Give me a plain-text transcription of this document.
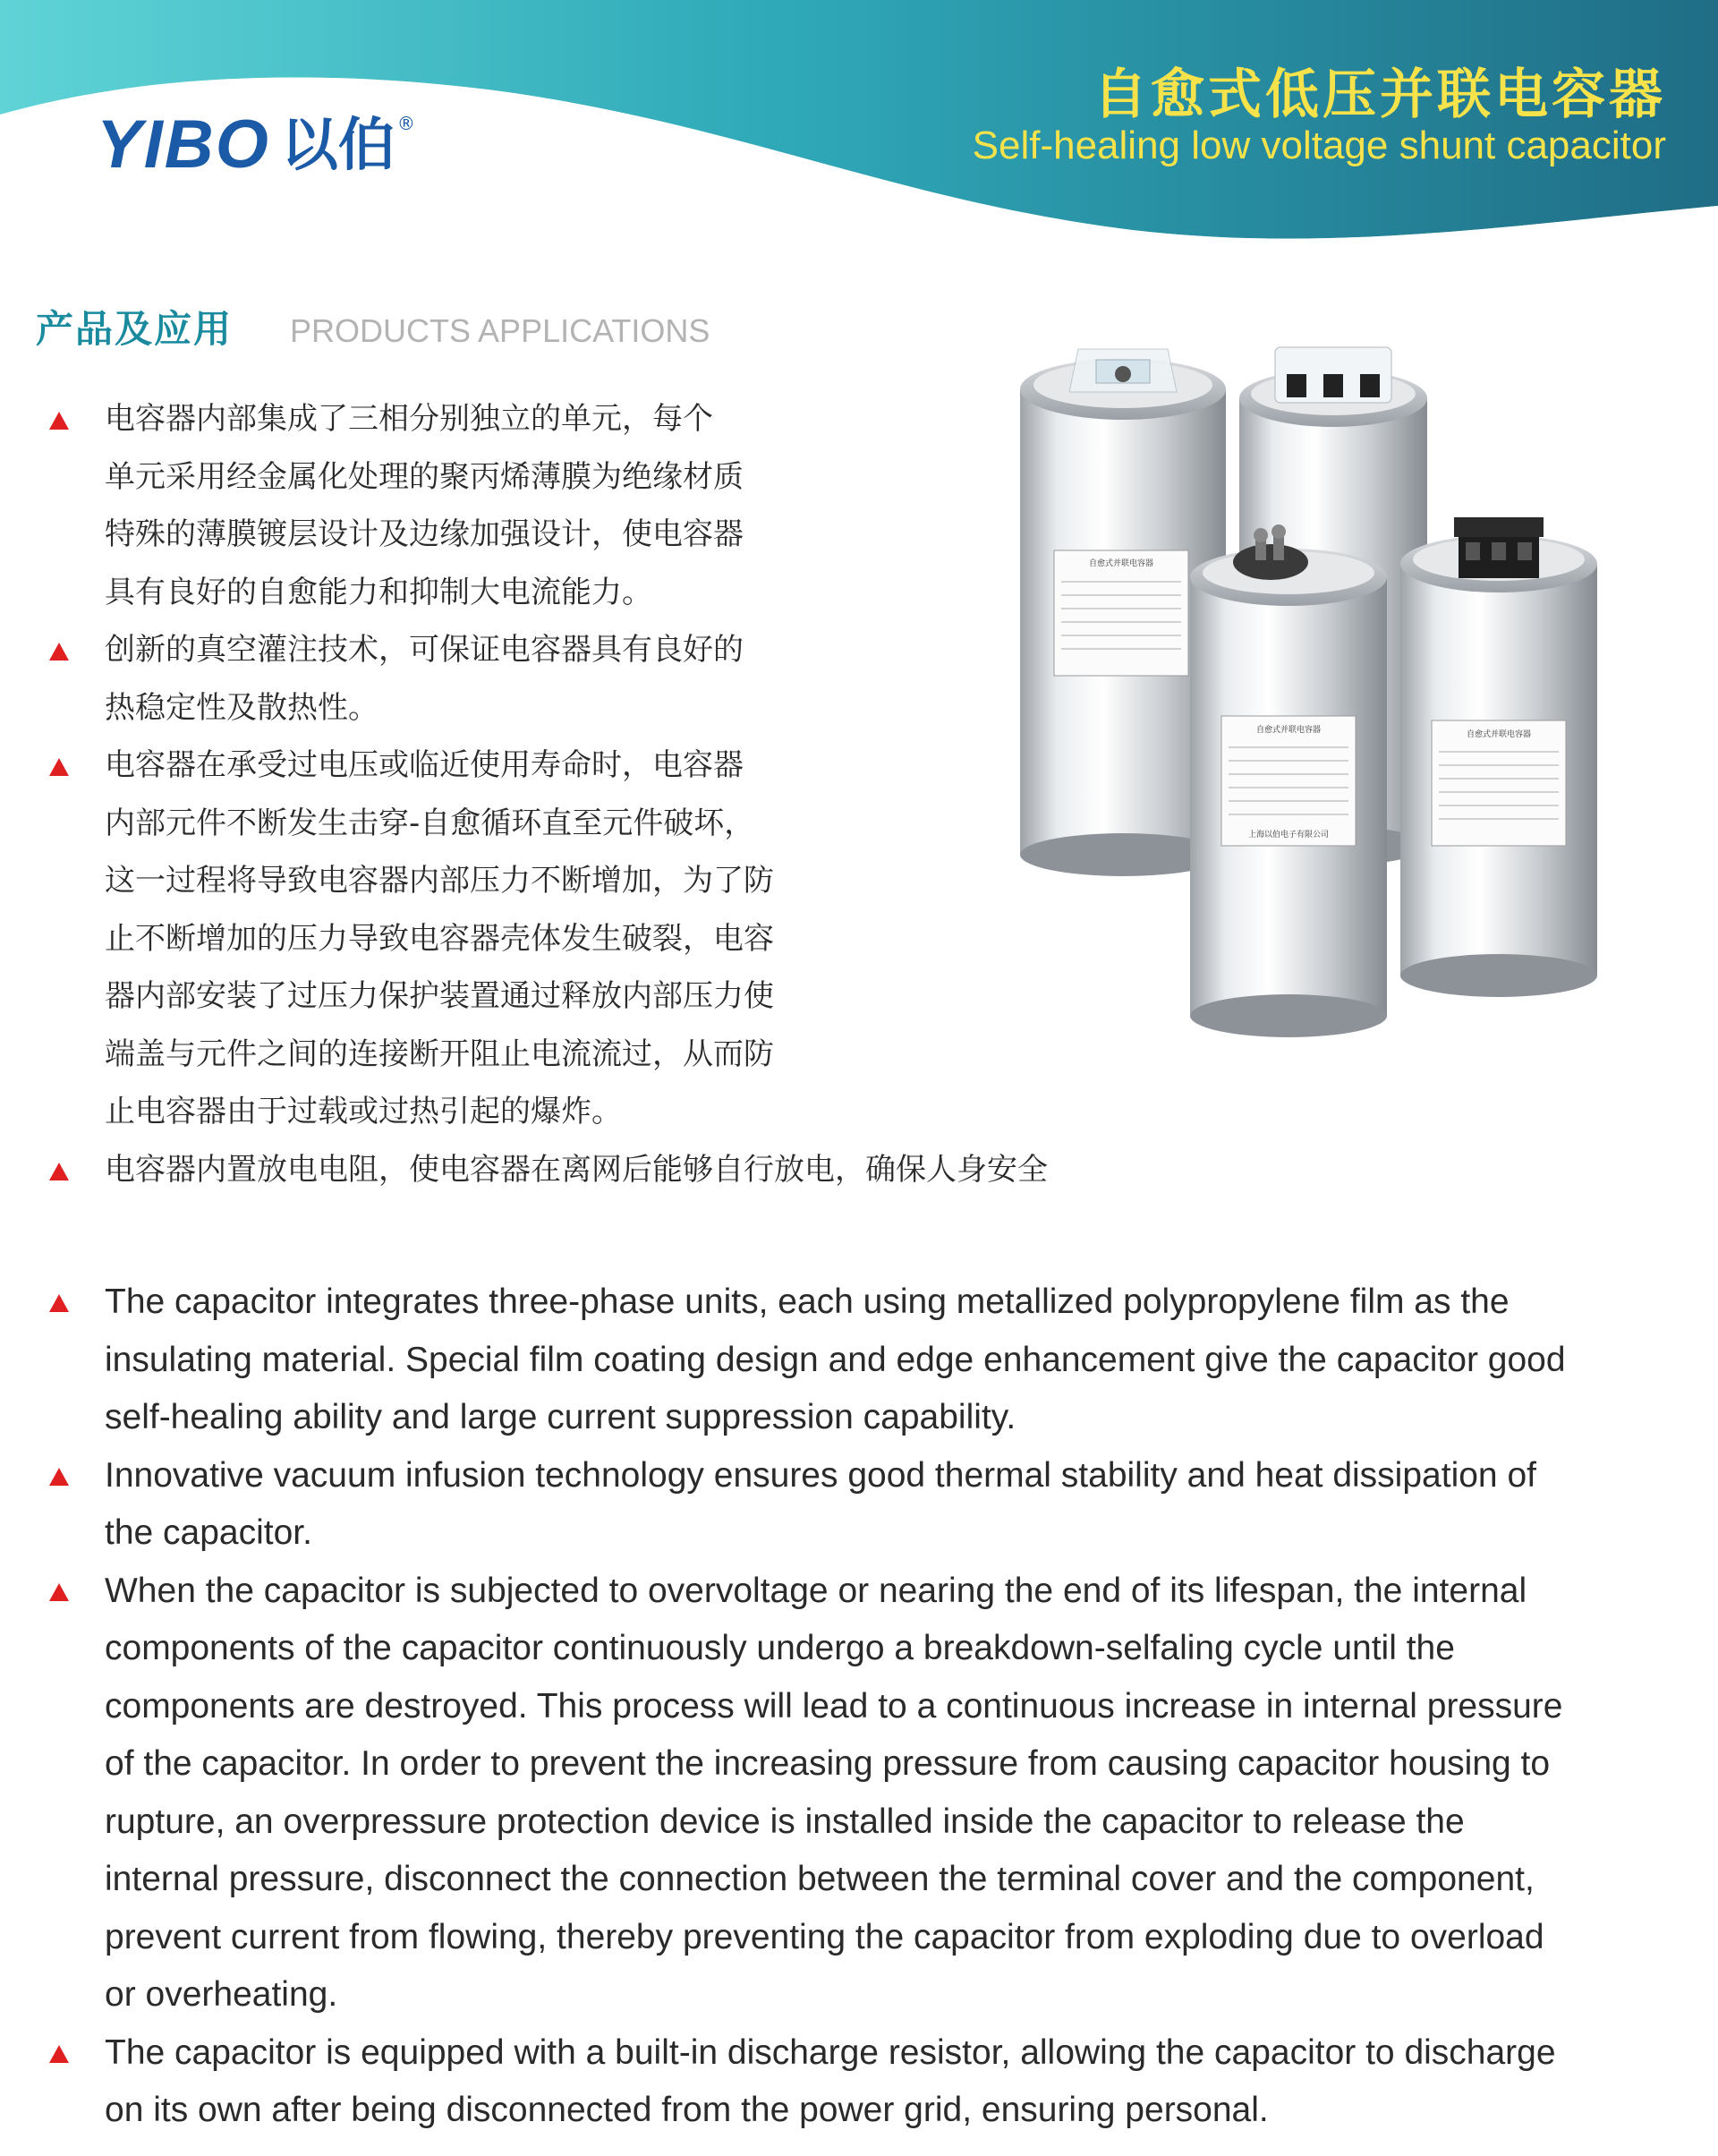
YIBO 以伯 ®	自愈式低压并联电容器
Self-healing low voltage shunt capacitor
产品及应用 PRODUCTS APPLICATIONS
电容器内部集成了三相分别独立的单元，每个
单元采用经金属化处理的聚丙烯薄膜为绝缘材质
特殊的薄膜镀层设计及边缘加强设计，使电容器
具有良好的自愈能力和抑制大电流能力。
创新的真空灌注技术，可保证电容器具有良好的
热稳定性及散热性。
电容器在承受过电压或临近使用寿命时，电容器
内部元件不断发生击穿-自愈循环直至元件破坏，
这一过程将导致电容器内部压力不断增加，为了防
止不断增加的压力导致电容器壳体发生破裂，电容
器内部安装了过压力保护装置通过释放内部压力使
端盖与元件之间的连接断开阻止电流流过，从而防
止电容器由于过载或过热引起的爆炸。
电容器内置放电电阻，使电容器在离网后能够自行放电，确保人身安全
自愈式并联电容器
自愈式并联电容器
上海以伯电子有限公司
自愈式并联电容器
The capacitor integrates three-phase units, each using metallized polypropylene film as the
insulating material. Special film coating design and edge enhancement give the capacitor good
self-healing ability and large current suppression capability.
Innovative vacuum infusion technology ensures good thermal stability and heat dissipation of
the capacitor.
When the capacitor is subjected to overvoltage or nearing the end of its lifespan, the internal
components of the capacitor continuously undergo a breakdown-selfaling cycle until the
components are destroyed. This process will lead to a continuous increase in internal pressure
of the capacitor. In order to prevent the increasing pressure from causing capacitor housing to
rupture, an overpressure protection device is installed inside the capacitor to release the
internal pressure, disconnect the connection between the terminal cover and the component,
prevent current from flowing, thereby preventing the capacitor from exploding due to overload
or overheating.
The capacitor is equipped with a built-in discharge resistor, allowing the capacitor to discharge
on its own after being disconnected from the power grid, ensuring personal.
